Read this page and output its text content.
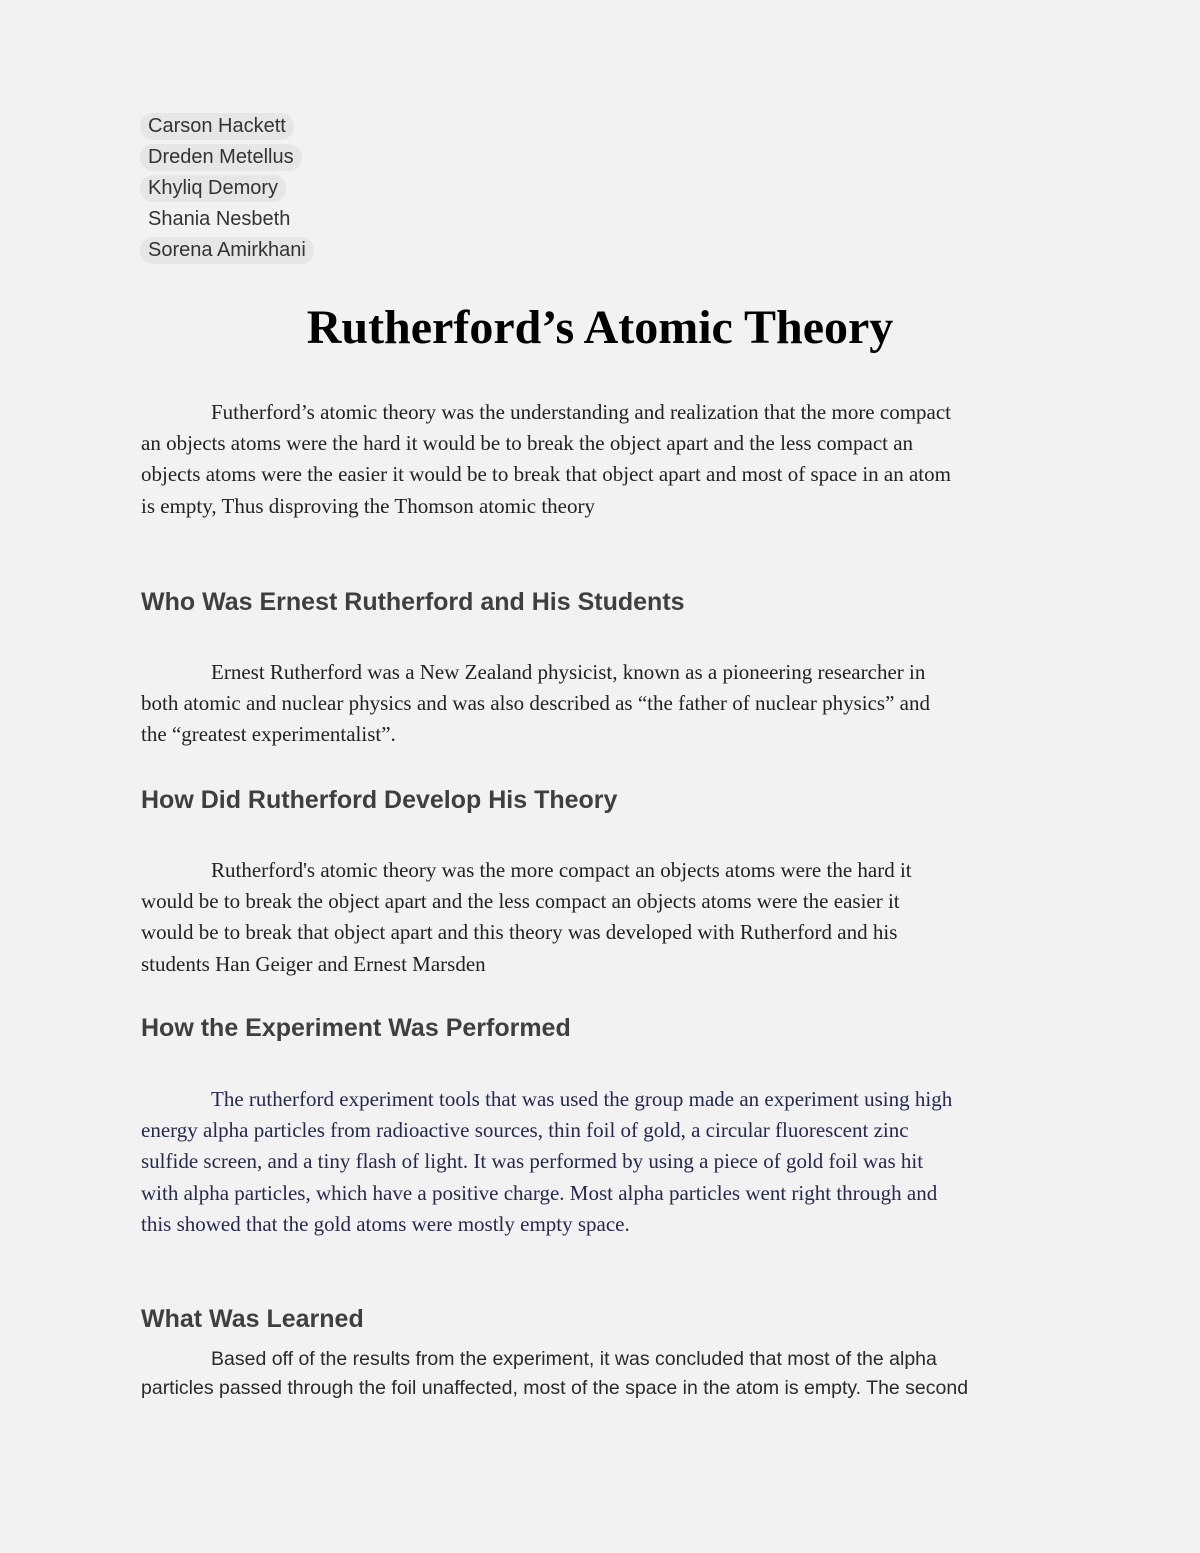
Carson Hackett
Dreden Metellus
Khyliq Demory
Shania Nesbeth
Sorena Amirkhani
Rutherford’s Atomic Theory
Futherford’s atomic theory was the understanding and realization that the more compact
an objects atoms were the hard it would be to break the object apart and the less compact an
objects atoms were the easier it would be to break that object apart and most of space in an atom
is empty, Thus disproving the Thomson atomic theory
Who Was Ernest Rutherford and His Students
Ernest Rutherford was a New Zealand physicist, known as a pioneering researcher in
both atomic and nuclear physics and was also described as “the father of nuclear physics” and
the “greatest experimentalist”.
How Did Rutherford Develop His Theory
Rutherford's atomic theory was the more compact an objects atoms were the hard it
would be to break the object apart and the less compact an objects atoms were the easier it
would be to break that object apart and this theory was developed with Rutherford and his
students Han Geiger and Ernest Marsden
How the Experiment Was Performed
The rutherford experiment tools that was used the group made an experiment using high
energy alpha particles from radioactive sources, thin foil of gold, a circular fluorescent zinc
sulfide screen, and a tiny flash of light. It was performed by using a piece of gold foil was hit
with alpha particles, which have a positive charge. Most alpha particles went right through and
this showed that the gold atoms were mostly empty space.
What Was Learned
Based off of the results from the experiment, it was concluded that most of the alpha
particles passed through the foil unaffected, most of the space in the atom is empty. The second
